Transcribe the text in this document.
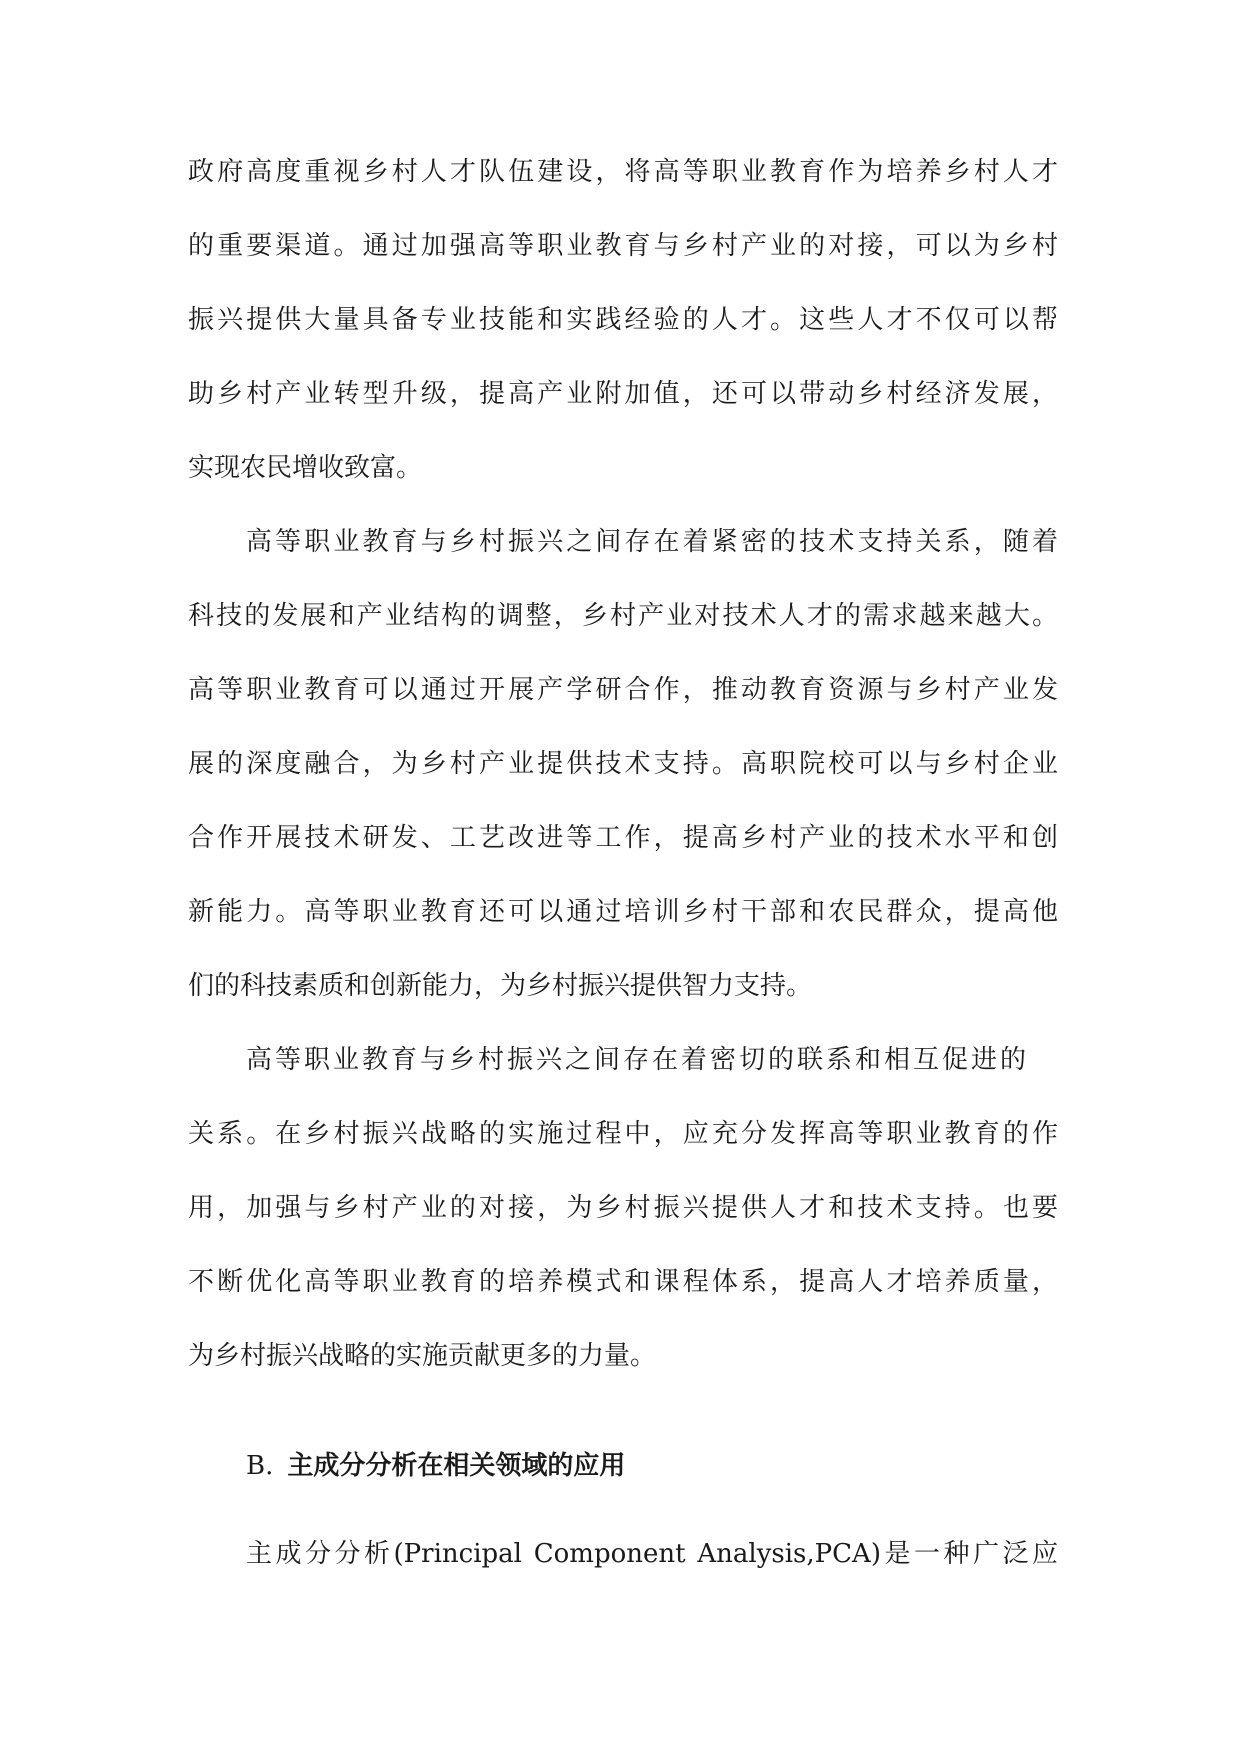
政府高度重视乡村人才队伍建设，将高等职业教育作为培养乡村人才
的重要渠道。通过加强高等职业教育与乡村产业的对接，可以为乡村
振兴提供大量具备专业技能和实践经验的人才。这些人才不仅可以帮
助乡村产业转型升级，提高产业附加值，还可以带动乡村经济发展，
实现农民增收致富。
高等职业教育与乡村振兴之间存在着紧密的技术支持关系，随着
科技的发展和产业结构的调整，乡村产业对技术人才的需求越来越大。
高等职业教育可以通过开展产学研合作，推动教育资源与乡村产业发
展的深度融合，为乡村产业提供技术支持。高职院校可以与乡村企业
合作开展技术研发、工艺改进等工作，提高乡村产业的技术水平和创
新能力。高等职业教育还可以通过培训乡村干部和农民群众，提高他
们的科技素质和创新能力，为乡村振兴提供智力支持。
高等职业教育与乡村振兴之间存在着密切的联系和相互促进的
关系。在乡村振兴战略的实施过程中，应充分发挥高等职业教育的作
用，加强与乡村产业的对接，为乡村振兴提供人才和技术支持。也要
不断优化高等职业教育的培养模式和课程体系，提高人才培养质量，
为乡村振兴战略的实施贡献更多的力量。
B. 主成分分析在相关领域的应用
主成分分析(Principal Component Analysis,PCA)是一种广泛应
